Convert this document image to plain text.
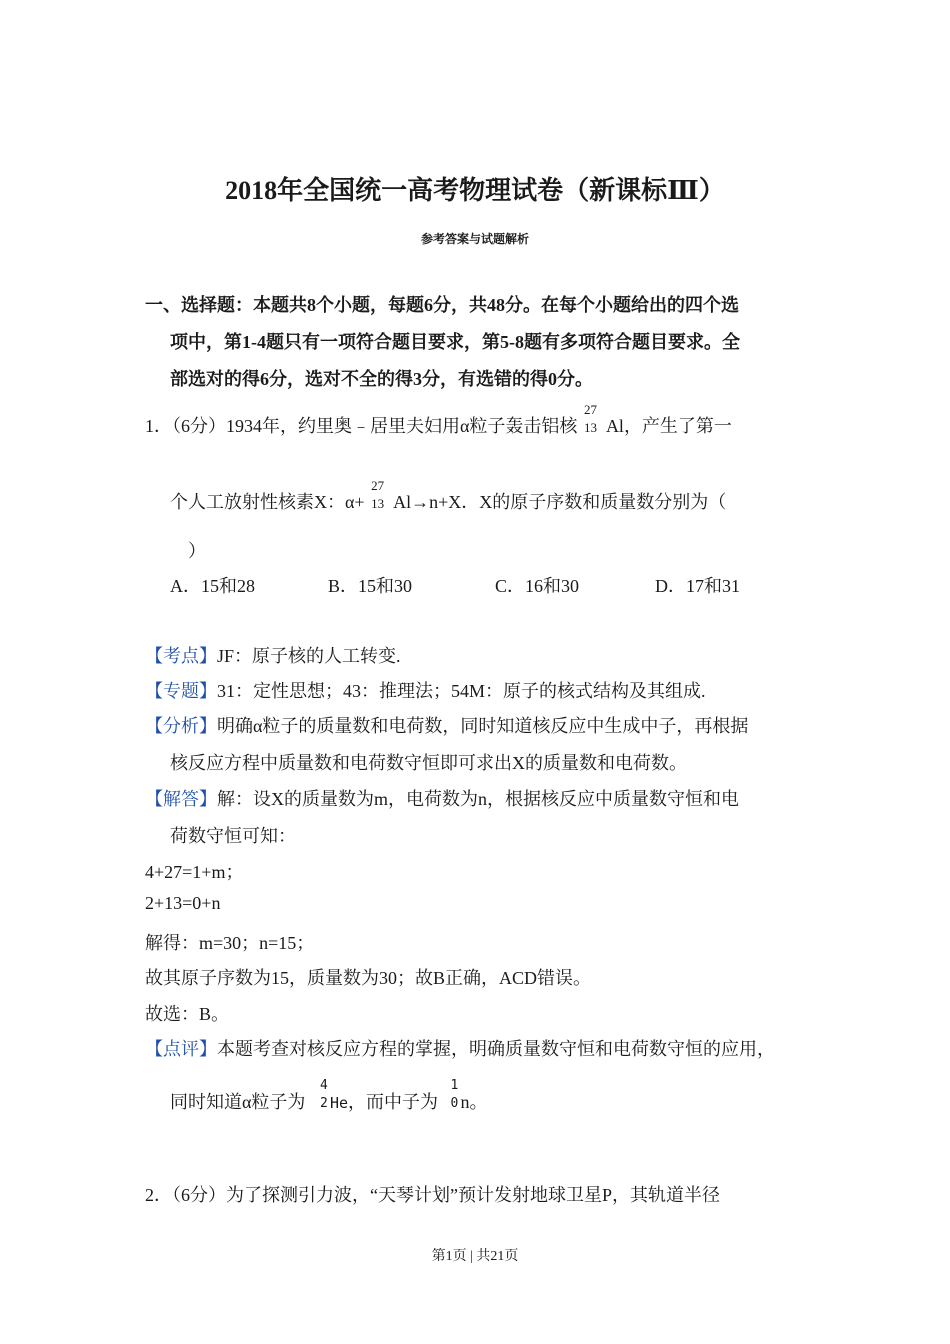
2018年全国统一高考物理试卷（新课标Ⅲ）
参考答案与试题解析
一、选择题：本题共8个小题，每题6分，共48分。在每个小题给出的四个选
项中，第1-4题只有一项符合题目要求，第5-8题有多项符合题目要求。全
部选对的得6分，选对不全的得3分，有选错的得0分。
1．（6分）1934年，约里奥﹣居里夫妇用α粒子轰击铝核
27
13 Al，产生了第一
个人工放射性核素X：α+
27
13 Al→n+X．X的原子序数和质量数分别为（
）
A．15和28	B．15和30	C．16和30	D．17和31
【考点】JF：原子核的人工转变.
【专题】31：定性思想；43：推理法；54M：原子的核式结构及其组成.
【分析】明确α粒子的质量数和电荷数，同时知道核反应中生成中子，再根据
核反应方程中质量数和电荷数守恒即可求出X的质量数和电荷数。
【解答】解：设X的质量数为m，电荷数为n，根据核反应中质量数守恒和电
荷数守恒可知：
4+27=1+m；
2+13=0+n
解得：m=30；n=15；
故其原子序数为15，质量数为30；故B正确，ACD错误。
故选：B。
【点评】本题考查对核反应方程的掌握，明确质量数守恒和电荷数守恒的应用，
同时知道α粒子为
4
2 He，而中子为
1
0 n。
2．（6分）为了探测引力波，“天琴计划”预计发射地球卫星P，其轨道半径
第1页 | 共21页
